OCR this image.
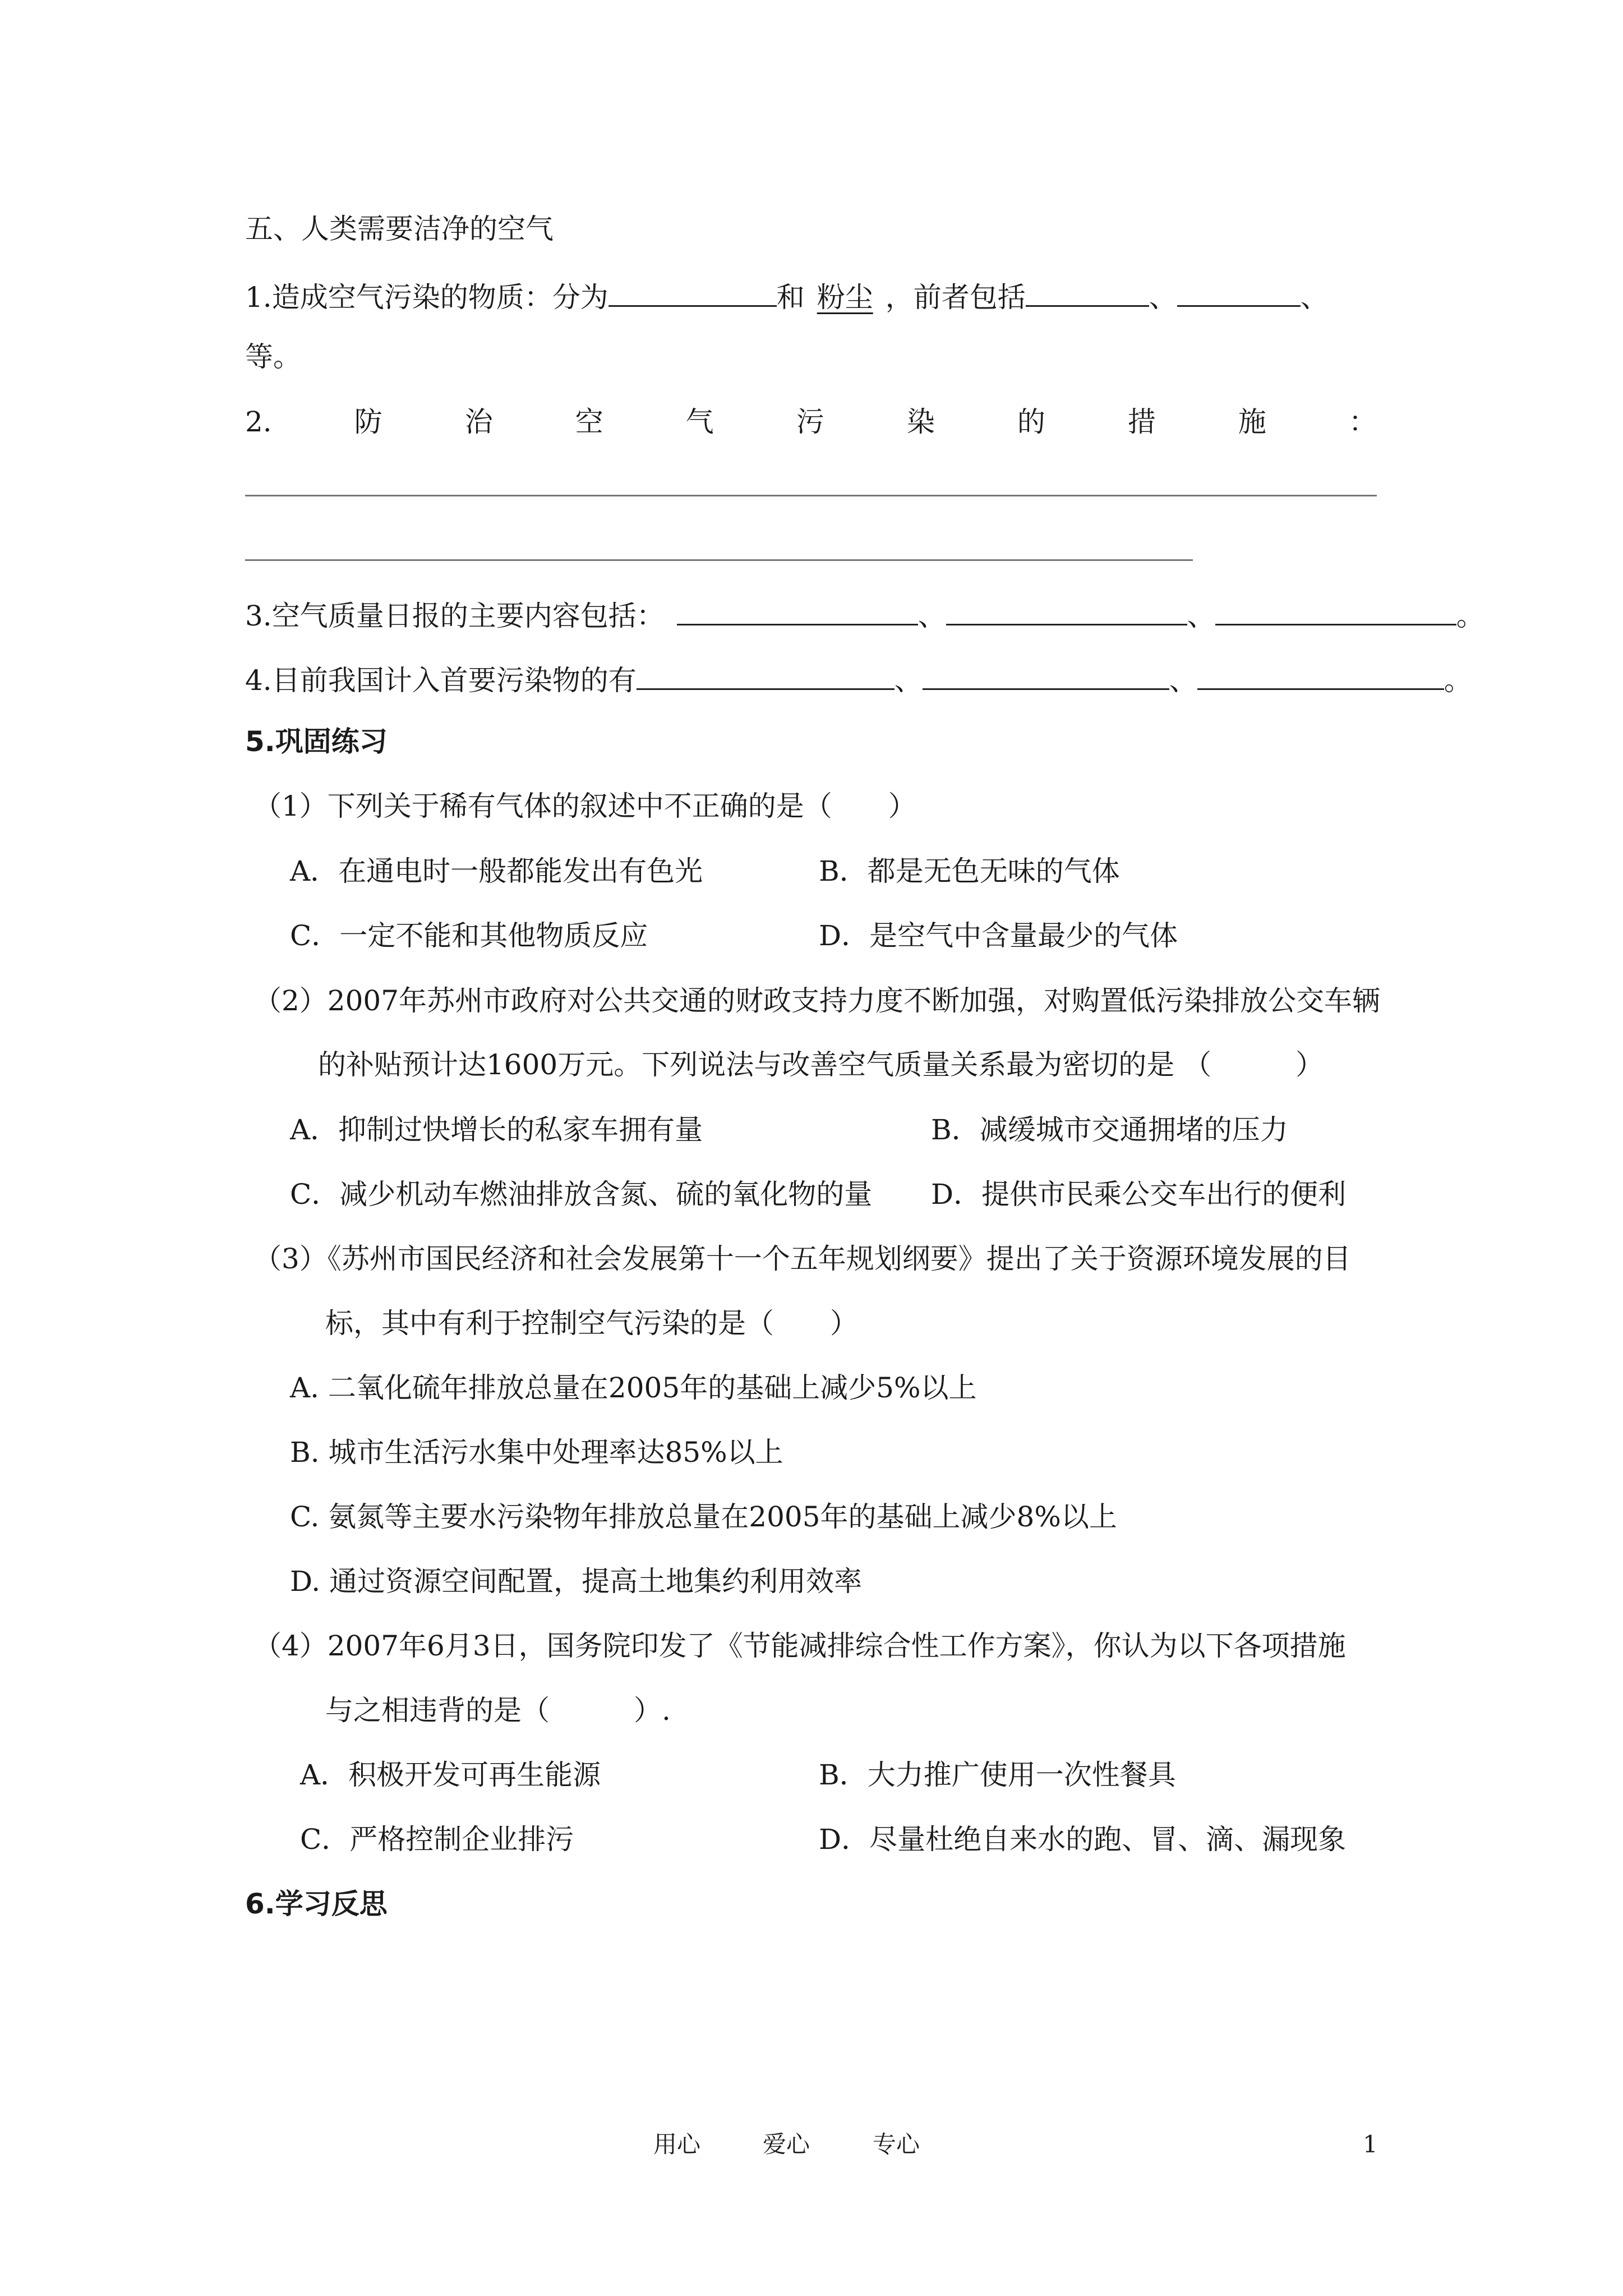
五、人类需要洁净的空气
1.造成空气污染的物质：分为	和 粉尘 ，前者包括	、	、
等。
2.	防	治	空	气	污	染	的	措	施	：
3.空气质量日报的主要内容包括：	、	、	。
4.目前我国计入首要污染物的有	、	、	。
5.巩固练习
（1）下列关于稀有气体的叙述中不正确的是（　　）
A．在通电时一般都能发出有色光	B．都是无色无味的气体
C．一定不能和其他物质反应	D．是空气中含量最少的气体
（2）2007年苏州市政府对公共交通的财政支持力度不断加强，对购置低污染排放公交车辆
的补贴预计达1600万元。下列说法与改善空气质量关系最为密切的是 （　　　）
A．抑制过快增长的私家车拥有量	B．减缓城市交通拥堵的压力
C．减少机动车燃油排放含氮、硫的氧化物的量 D．提供市民乘公交车出行的便利
（3）《苏州市国民经济和社会发展第十一个五年规划纲要》提出了关于资源环境发展的目
标，其中有利于控制空气污染的是（　　）
A. 二氧化硫年排放总量在2005年的基础上减少5%以上
B. 城市生活污水集中处理率达85%以上
C. 氨氮等主要水污染物年排放总量在2005年的基础上减少8%以上
D. 通过资源空间配置，提高土地集约利用效率
（4）2007年6月3日，国务院印发了《节能减排综合性工作方案》，你认为以下各项措施
与之相违背的是（　　　）.
A．积极开发可再生能源	B．大力推广使用一次性餐具
C．严格控制企业排污	D．尽量杜绝自来水的跑、冒、滴、漏现象
6.学习反思
用心	爱心	专心	1
